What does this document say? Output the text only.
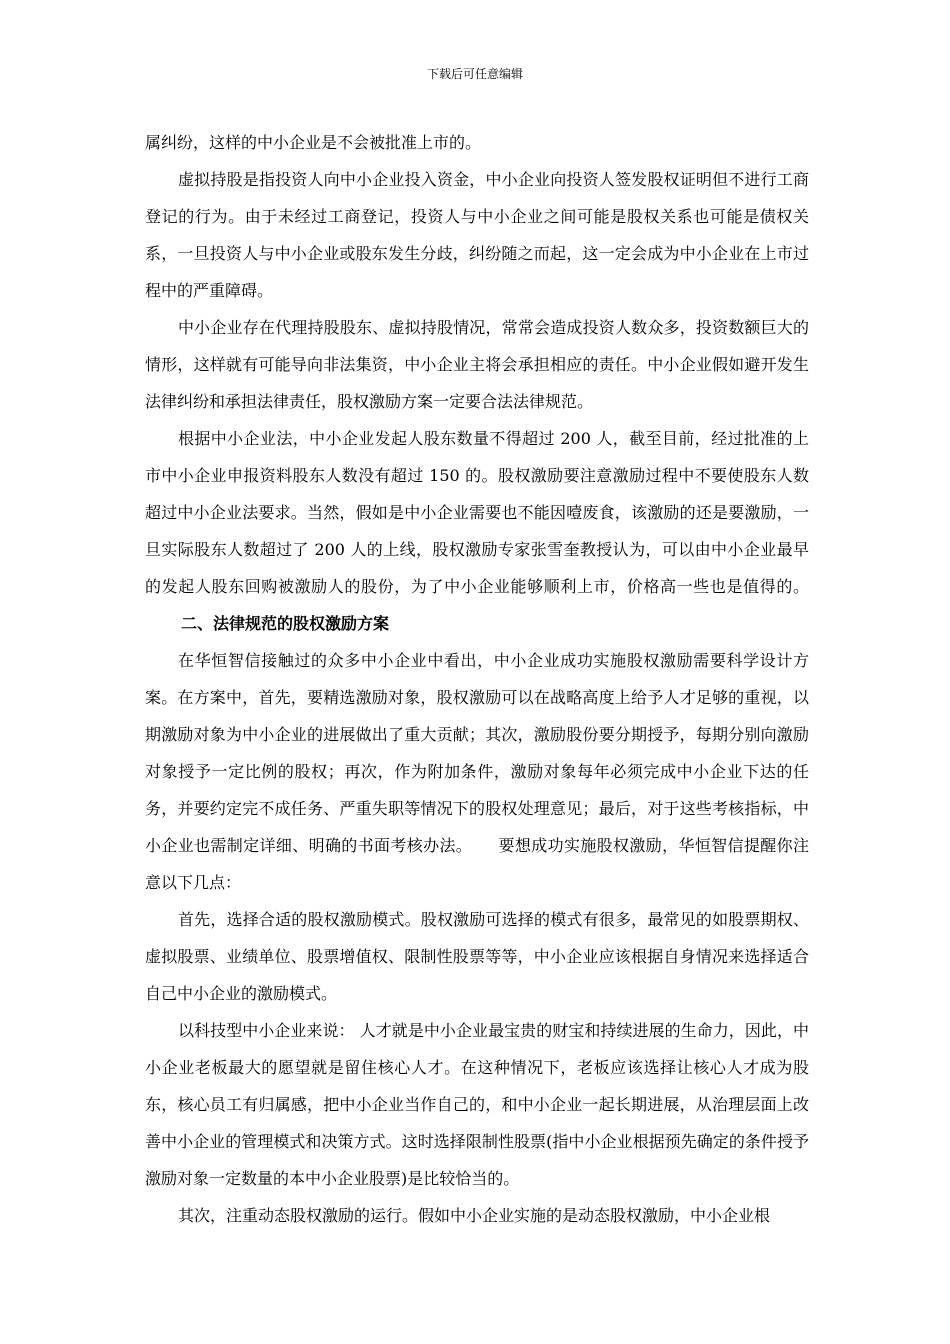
下载后可任意编辑

属纠纷，这样的中小企业是不会被批准上市的。

虚拟持股是指投资人向中小企业投入资金，中小企业向投资人签发股权证明但不进行工商登记的行为。由于未经过工商登记，投资人与中小企业之间可能是股权关系也可能是债权关系，一旦投资人与中小企业或股东发生分歧，纠纷随之而起，这一定会成为中小企业在上市过程中的严重障碍。

中小企业存在代理持股股东、虚拟持股情况，常常会造成投资人数众多，投资数额巨大的情形，这样就有可能导向非法集资，中小企业主将会承担相应的责任。中小企业假如避开发生法律纠纷和承担法律责任，股权激励方案一定要合法法律规范。

根据中小企业法，中小企业发起人股东数量不得超过 200 人，截至目前，经过批准的上市中小企业申报资料股东人数没有超过 150 的。股权激励要注意激励过程中不要使股东人数超过中小企业法要求。当然，假如是中小企业需要也不能因噎废食，该激励的还是要激励，一旦实际股东人数超过了 200 人的上线，股权激励专家张雪奎教授认为，可以由中小企业最早的发起人股东回购被激励人的股份，为了中小企业能够顺利上市，价格高一些也是值得的。二、法律规范的股权激励方案

在华恒智信接触过的众多中小企业中看出，中小企业成功实施股权激励需要科学设计方案。在方案中，首先，要精选激励对象，股权激励可以在战略高度上给予人才足够的重视，以期激励对象为中小企业的进展做出了重大贡献；其次，激励股份要分期授予，每期分别向激励对象授予一定比例的股权；再次，作为附加条件，激励对象每年必须完成中小企业下达的任务，并要约定完不成任务、严重失职等情况下的股权处理意见；最后，对于这些考核指标，中小企业也需制定详细、明确的书面考核办法。 要想成功实施股权激励，华恒智信提醒你注意以下几点：

首先，选择合适的股权激励模式。股权激励可选择的模式有很多，最常见的如股票期权、虚拟股票、业绩单位、股票增值权、限制性股票等等，中小企业应该根据自身情况来选择适合自己中小企业的激励模式。

以科技型中小企业来说： 人才就是中小企业最宝贵的财宝和持续进展的生命力，因此，中小企业老板最大的愿望就是留住核心人才。在这种情况下，老板应该选择让核心人才成为股东，核心员工有归属感，把中小企业当作自己的，和中小企业一起长期进展，从治理层面上改善中小企业的管理模式和决策方式。这时选择限制性股票(指中小企业根据预先确定的条件授予激励对象一定数量的本中小企业股票)是比较恰当的。

其次，注重动态股权激励的运行。假如中小企业实施的是动态股权激励，中小企业根
